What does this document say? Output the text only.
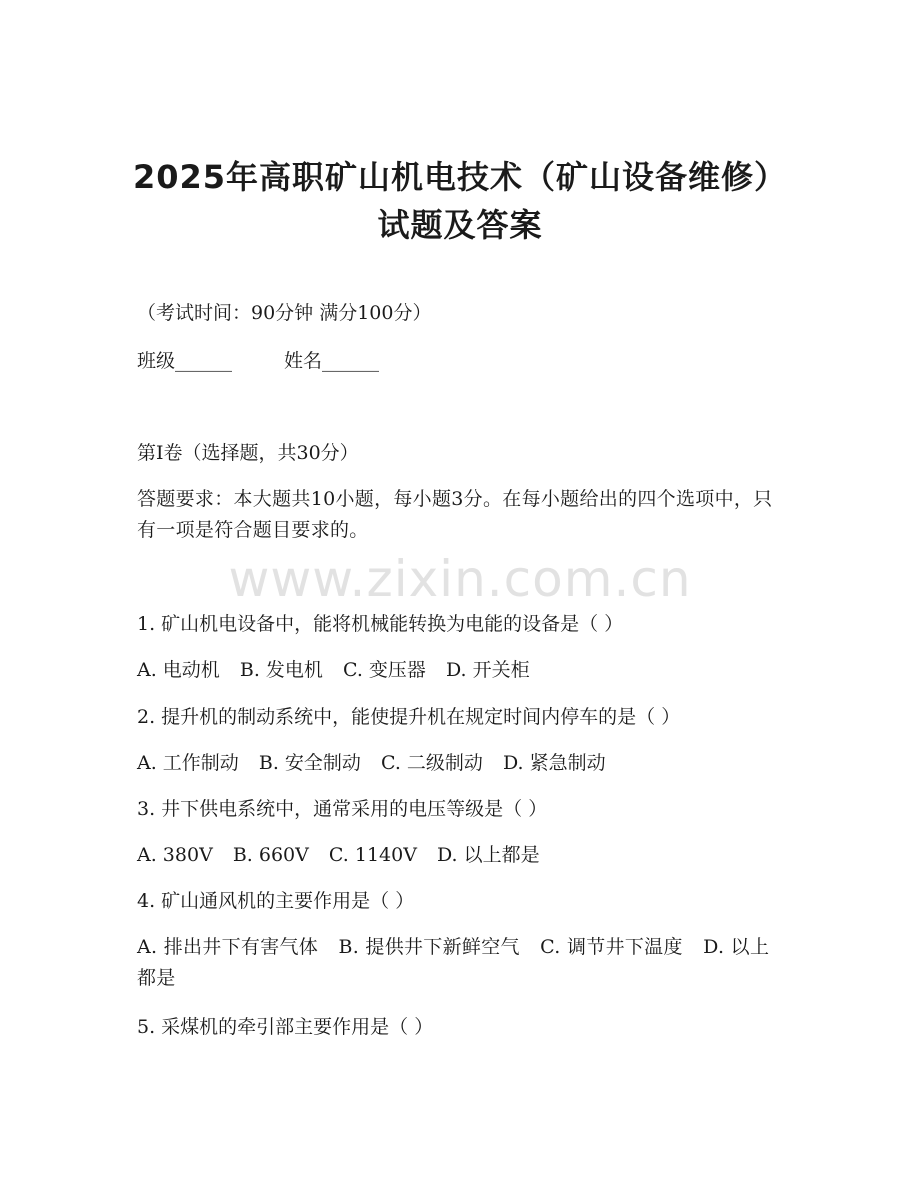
2025年高职矿山机电技术（矿山设备维修）
试题及答案
（考试时间：90分钟 满分100分）
班级______	姓名______
第I卷（选择题，共30分）
答题要求：本大题共10小题，每小题3分。在每小题给出的四个选项中，只有一项是符合题目要求的。
www.zixin.com.cn
1. 矿山机电设备中，能将机械能转换为电能的设备是（ ）
A. 电动机 B. 发电机 C. 变压器 D. 开关柜
2. 提升机的制动系统中，能使提升机在规定时间内停车的是（ ）
A. 工作制动 B. 安全制动 C. 二级制动 D. 紧急制动
3. 井下供电系统中，通常采用的电压等级是（ ）
A. 380V B. 660V C. 1140V D. 以上都是
4. 矿山通风机的主要作用是（ ）
A. 排出井下有害气体 B. 提供井下新鲜空气 C. 调节井下温度 D. 以上都是
5. 采煤机的牵引部主要作用是（ ）
